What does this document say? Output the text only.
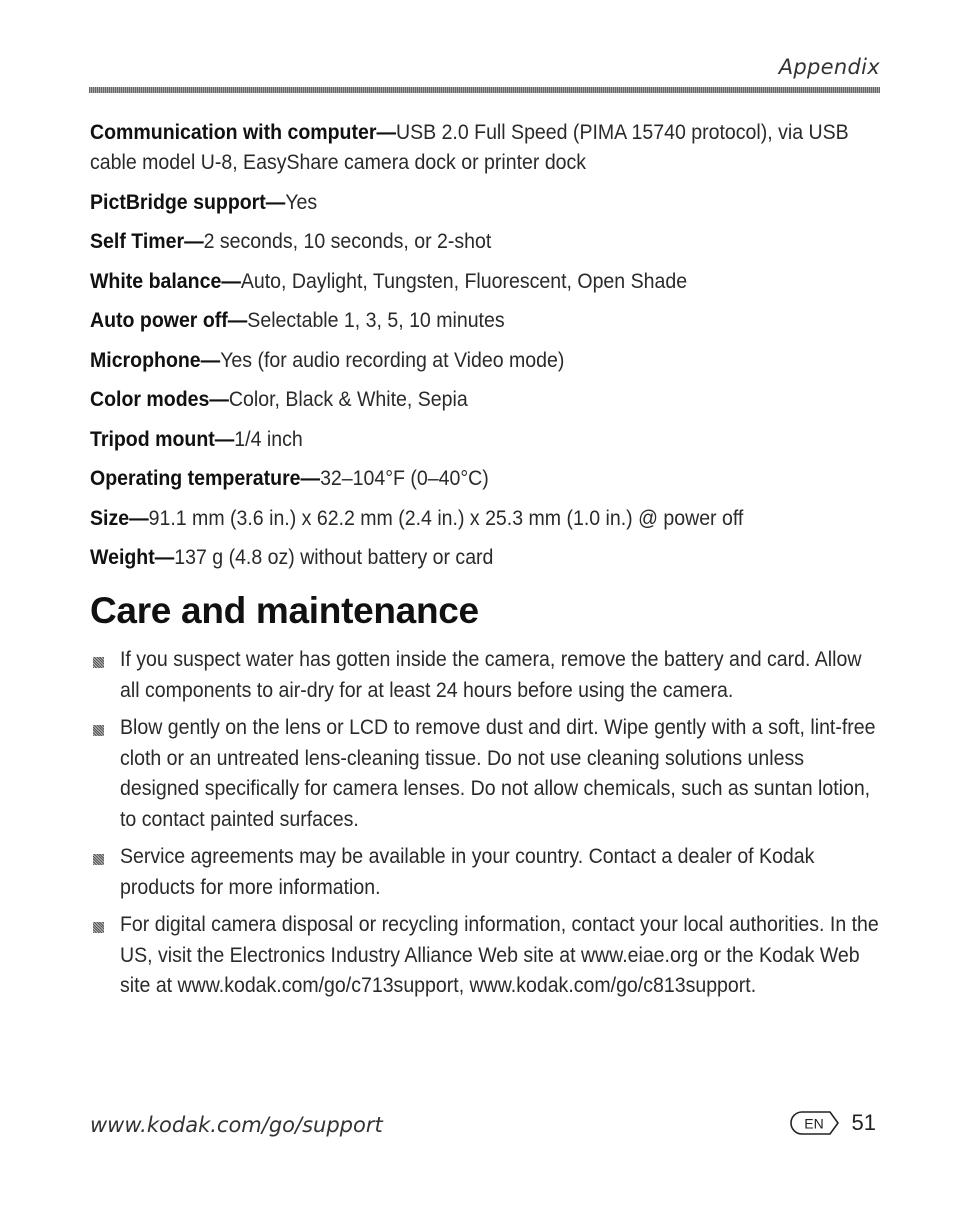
Appendix
Communication with computer—USB 2.0 Full Speed (PIMA 15740 protocol), via USB cable model U-8, EasyShare camera dock or printer dock
PictBridge support—Yes
Self Timer—2 seconds, 10 seconds, or 2-shot
White balance—Auto, Daylight, Tungsten, Fluorescent, Open Shade
Auto power off—Selectable 1, 3, 5, 10 minutes
Microphone—Yes (for audio recording at Video mode)
Color modes—Color, Black & White, Sepia
Tripod mount—1/4 inch
Operating temperature—32–104°F (0–40°C)
Size—91.1 mm (3.6 in.) x 62.2 mm (2.4 in.) x 25.3 mm (1.0 in.) @ power off
Weight—137 g (4.8 oz) without battery or card
Care and maintenance
If you suspect water has gotten inside the camera, remove the battery and card. Allow all components to air-dry for at least 24 hours before using the camera.
Blow gently on the lens or LCD to remove dust and dirt. Wipe gently with a soft, lint-free cloth or an untreated lens-cleaning tissue. Do not use cleaning solutions unless designed specifically for camera lenses. Do not allow chemicals, such as suntan lotion, to contact painted surfaces.
Service agreements may be available in your country. Contact a dealer of Kodak products for more information.
For digital camera disposal or recycling information, contact your local authorities. In the US, visit the Electronics Industry Alliance Web site at www.eiae.org or the Kodak Web site at www.kodak.com/go/c713support, www.kodak.com/go/c813support.
www.kodak.com/go/support	EN 51
